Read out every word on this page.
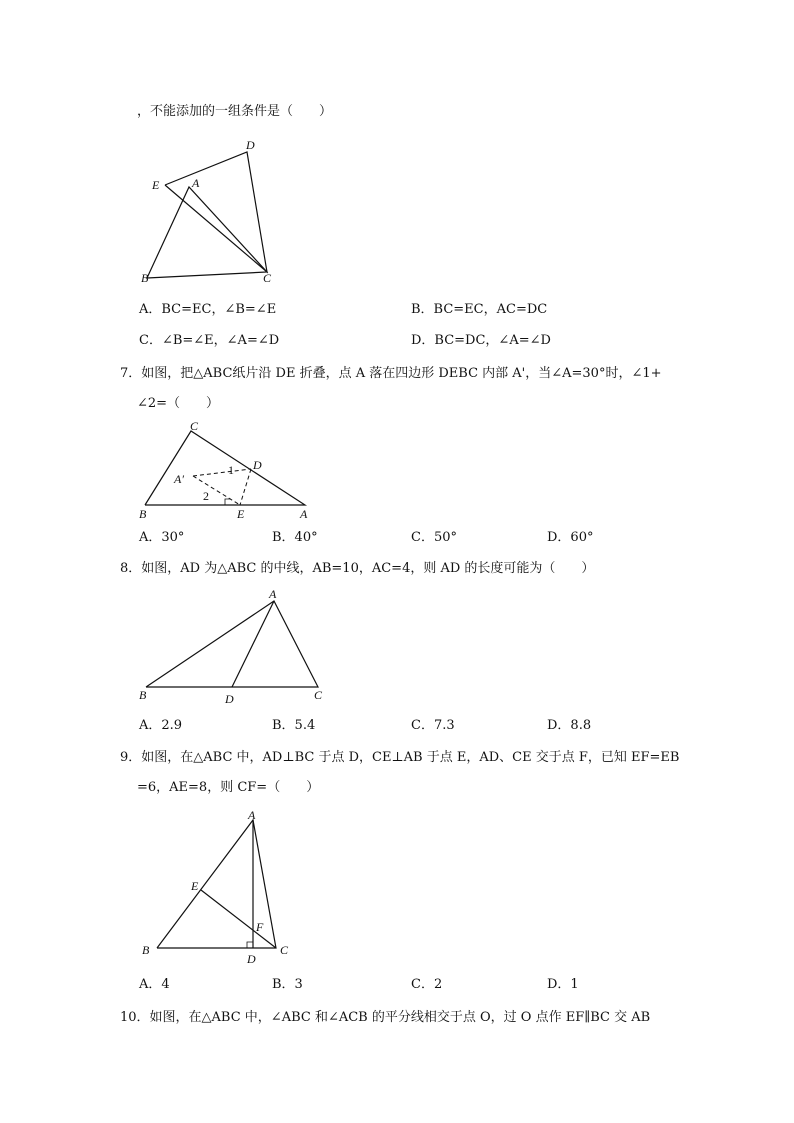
，不能添加的一组条件是（　　）
D
E	A
B	C
A．BC=EC，∠B=∠E	B．BC=EC，AC=DC
C．∠B=∠E，∠A=∠D	D．BC=DC，∠A=∠D
7．如图，把△ABC纸片沿 DE 折叠，点 A 落在四边形 DEBC 内部 A'，当∠A=30°时，∠1+
∠2=（　　）
C
D
A′
1
2
B	E	A
A．30°	B．40°	C．50°	D．60°
8．如图，AD 为△ABC 的中线，AB=10，AC=4，则 AD 的长度可能为（　　）
A
B	D	C
A．2.9	B．5.4	C．7.3	D．8.8
9．如图，在△ABC 中，AD⊥BC 于点 D，CE⊥AB 于点 E，AD、CE 交于点 F，已知 EF=EB
=6，AE=8，则 CF=（　　）
A
E
F
B
D
C
A．4	B．3	C．2	D．1
10．如图，在△ABC 中，∠ABC 和∠ACB 的平分线相交于点 O，过 O 点作 EF∥BC 交 AB
